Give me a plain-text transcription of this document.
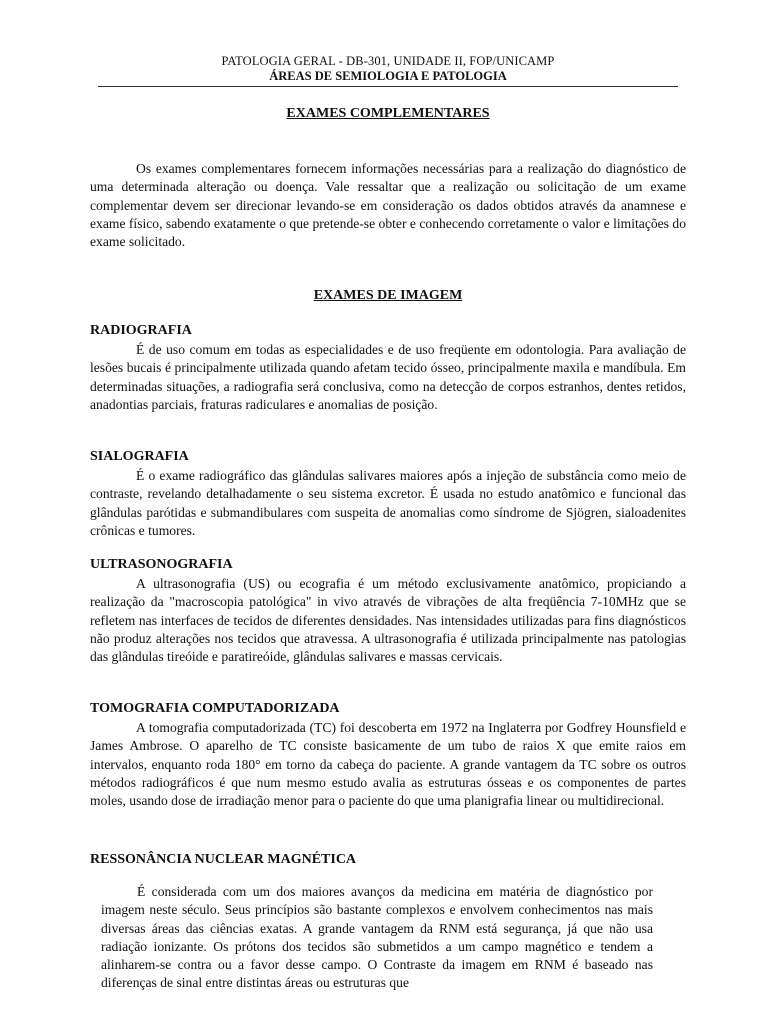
PATOLOGIA GERAL - DB-301, UNIDADE II, FOP/UNICAMP
ÁREAS DE SEMIOLOGIA E PATOLOGIA
EXAMES COMPLEMENTARES
Os exames complementares fornecem informações necessárias para a realização do diagnóstico de uma determinada alteração ou doença. Vale ressaltar que a realização ou solicitação de um exame complementar devem ser direcionar levando-se em consideração os dados obtidos através da anamnese e exame físico, sabendo exatamente o que pretende-se obter e conhecendo corretamente o valor e limitações do exame solicitado.
EXAMES DE IMAGEM
RADIOGRAFIA
É de uso comum em todas as especialidades e de uso freqüente em odontologia. Para avaliação de lesões bucais é principalmente utilizada quando afetam tecido ósseo, principalmente maxila e mandíbula. Em determinadas situações, a radiografia será conclusiva, como na detecção de corpos estranhos, dentes retidos, anadontias parciais, fraturas radiculares e anomalias de posição.
SIALOGRAFIA
É o exame radiográfico das glândulas salivares maiores após a injeção de substância como meio de contraste, revelando detalhadamente o seu sistema excretor. É usada no estudo anatômico e funcional das glândulas parótidas e submandibulares com suspeita de anomalias como síndrome de Sjögren, sialoadenites crônicas e tumores.
ULTRASONOGRAFIA
A ultrasonografia (US) ou ecografia é um método exclusivamente anatômico, propiciando a realização da "macroscopia patológica" in vivo através de vibrações de alta freqüência 7-10MHz que se refletem nas interfaces de tecidos de diferentes densidades. Nas intensidades utilizadas para fins diagnósticos não produz alterações nos tecidos que atravessa. A ultrasonografia é utilizada principalmente nas patologias das glândulas tireóide e paratireóide, glândulas salivares e massas cervicais.
TOMOGRAFIA COMPUTADORIZADA
A tomografia computadorizada (TC) foi descoberta em 1972 na Inglaterra por Godfrey Hounsfield e James Ambrose. O aparelho de TC consiste basicamente de um tubo de raios X que emite raios em intervalos, enquanto roda 180° em torno da cabeça do paciente. A grande vantagem da TC sobre os outros métodos radiográficos é que num mesmo estudo avalia as estruturas ósseas e os componentes de partes moles, usando dose de irradiação menor para o paciente do que uma planigrafia linear ou multidirecional.
RESSONÂNCIA NUCLEAR MAGNÉTICA
É considerada com um dos maiores avanços da medicina em matéria de diagnóstico por imagem neste século. Seus princípios são bastante complexos e envolvem conhecimentos nas mais diversas áreas das ciências exatas. A grande vantagem da RNM está segurança, já que não usa radiação ionizante. Os prótons dos tecidos são submetidos a um campo magnético e tendem a alinharem-se contra ou a favor desse campo. O Contraste da imagem em RNM é baseado nas diferenças de sinal entre distintas áreas ou estruturas que
